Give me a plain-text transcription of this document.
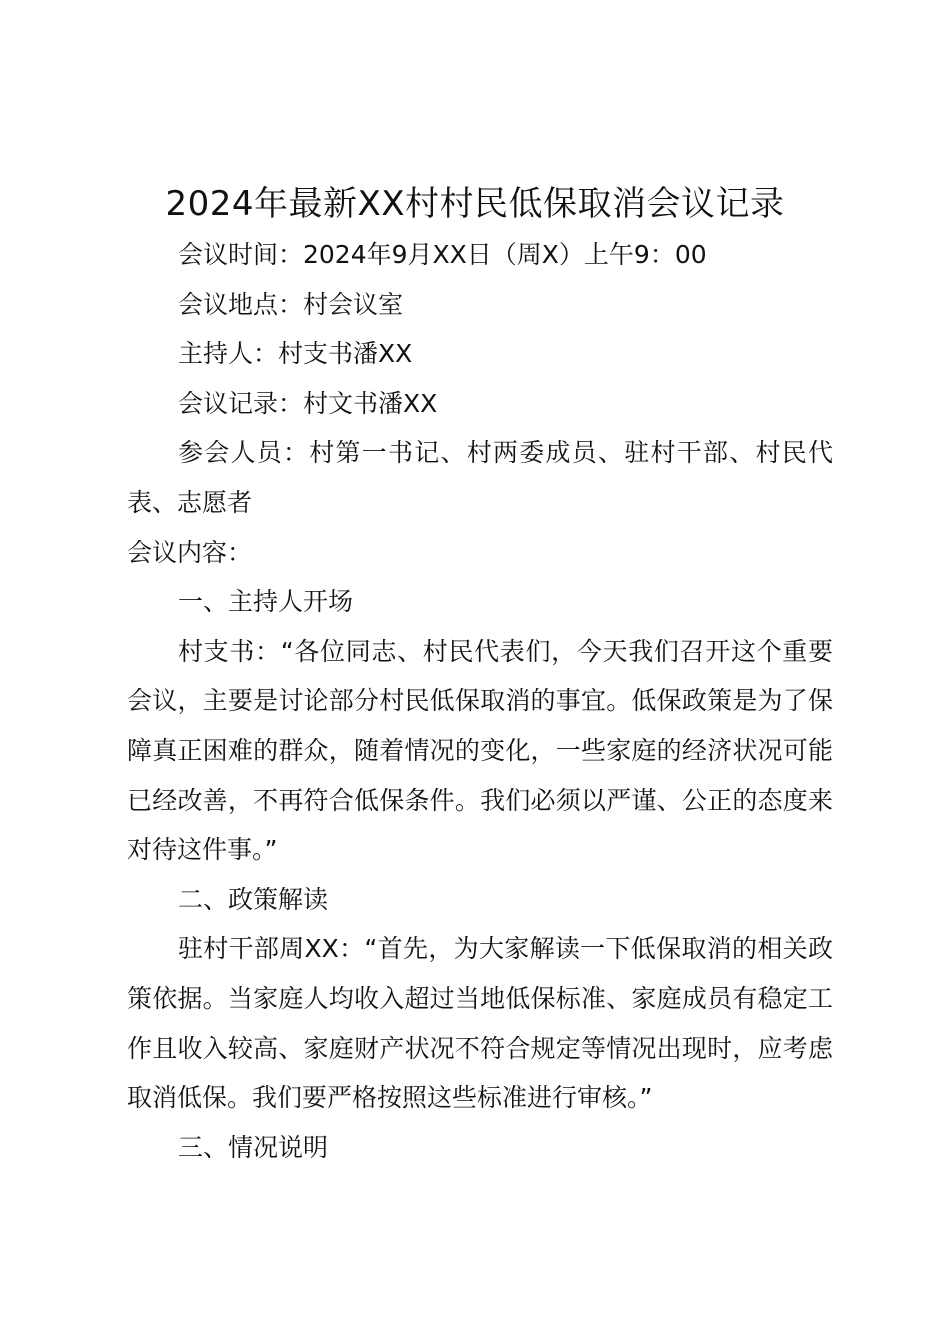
2024年最新XX村村民低保取消会议记录

会议时间：2024年9月XX日（周X）上午9：00

会议地点：村会议室

主持人：村支书潘XX

会议记录：村文书潘XX

参会人员：村第一书记、村两委成员、驻村干部、村民代表、志愿者

会议内容：

一、主持人开场

村支书：“各位同志、村民代表们，今天我们召开这个重要会议，主要是讨论部分村民低保取消的事宜。低保政策是为了保障真正困难的群众，随着情况的变化，一些家庭的经济状况可能已经改善，不再符合低保条件。我们必须以严谨、公正的态度来对待这件事。”

二、政策解读

驻村干部周XX：“首先，为大家解读一下低保取消的相关政策依据。当家庭人均收入超过当地低保标准、家庭成员有稳定工作且收入较高、家庭财产状况不符合规定等情况出现时，应考虑取消低保。我们要严格按照这些标准进行审核。”

三、情况说明
